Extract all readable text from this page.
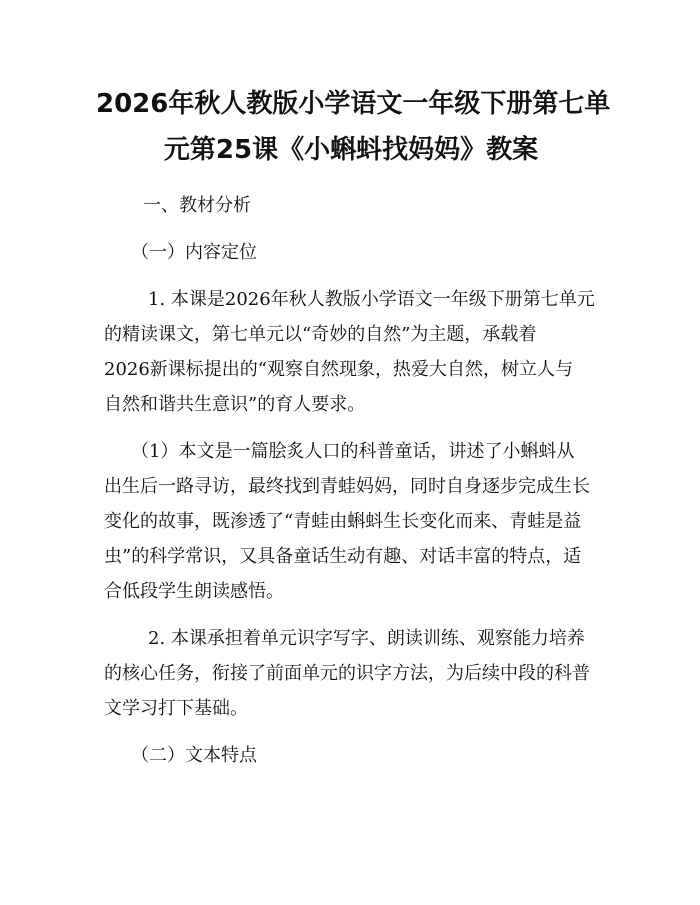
2026年秋人教版小学语文一年级下册第七单
元第25课《小蝌蚪找妈妈》教案
一、教材分析
（一）内容定位
1. 本课是2026年秋人教版小学语文一年级下册第七单元
的精读课文，第七单元以“奇妙的自然”为主题，承载着
2026新课标提出的“观察自然现象，热爱大自然，树立人与
自然和谐共生意识”的育人要求。
（1）本文是一篇脍炙人口的科普童话，讲述了小蝌蚪从
出生后一路寻访，最终找到青蛙妈妈，同时自身逐步完成生长
变化的故事，既渗透了“青蛙由蝌蚪生长变化而来、青蛙是益
虫”的科学常识，又具备童话生动有趣、对话丰富的特点，适
合低段学生朗读感悟。
2. 本课承担着单元识字写字、朗读训练、观察能力培养
的核心任务，衔接了前面单元的识字方法，为后续中段的科普
文学习打下基础。
（二）文本特点
